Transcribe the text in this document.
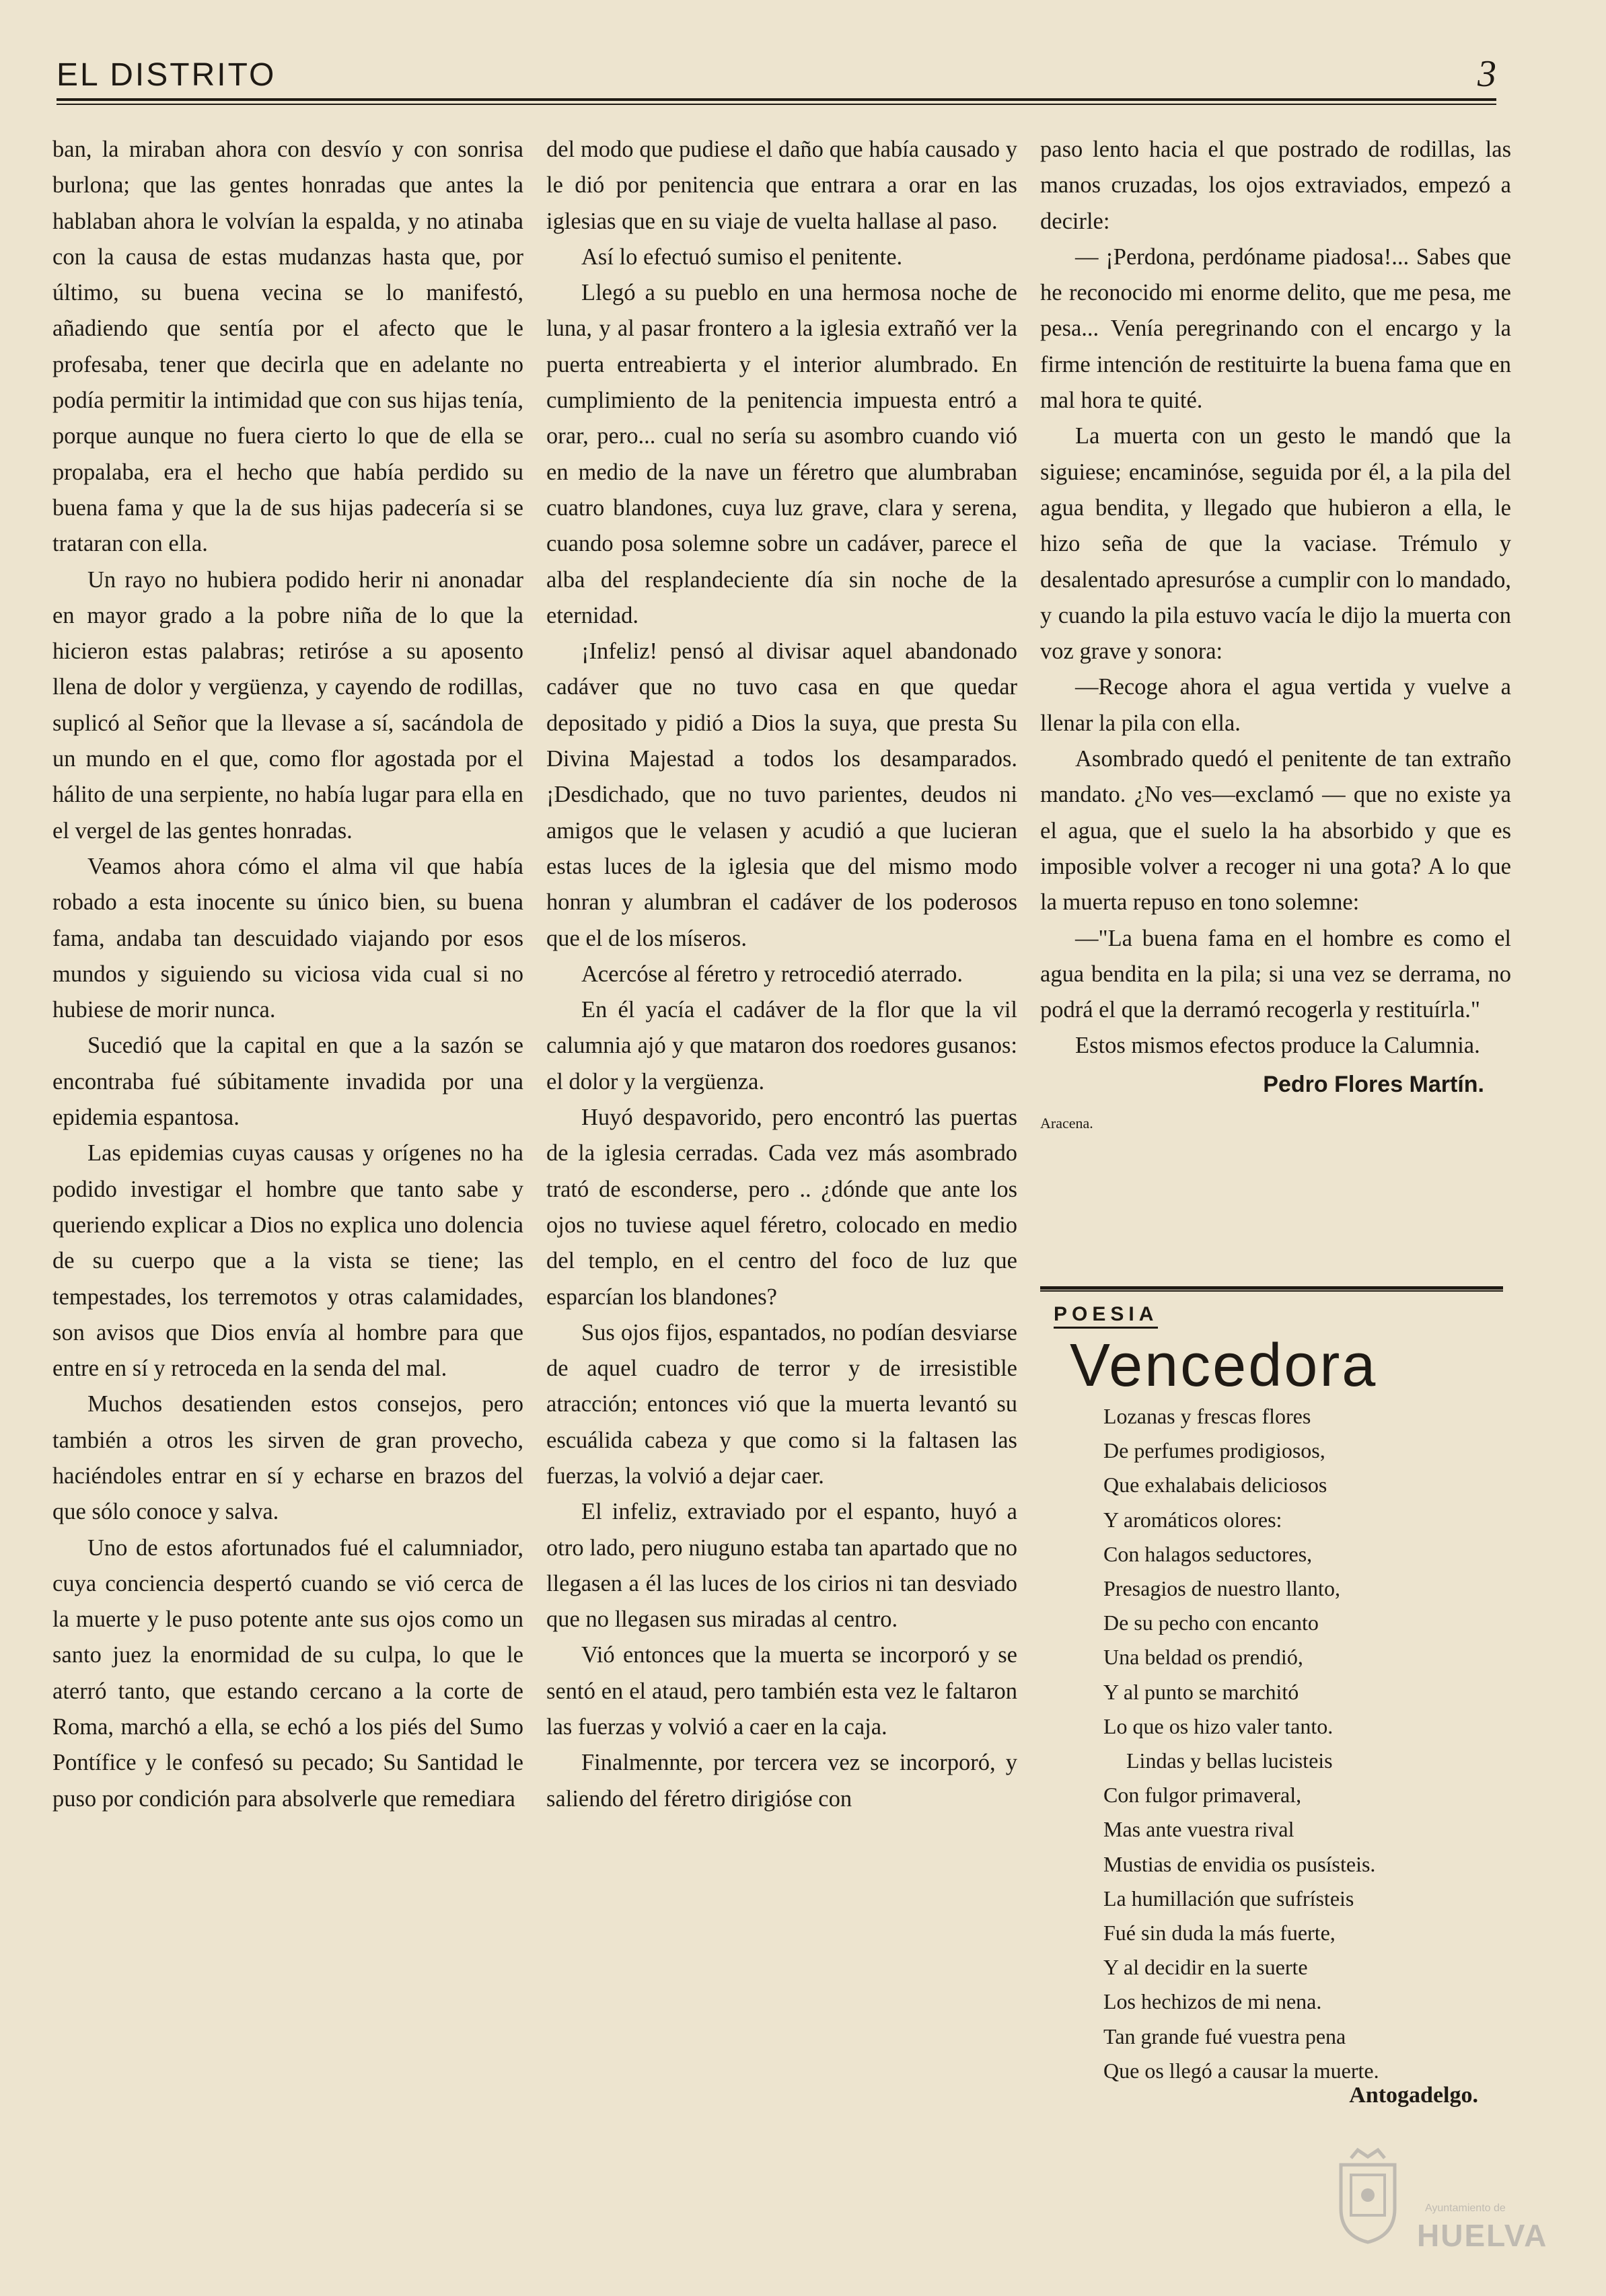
EL DISTRITO	3

ban, la miraban ahora con desvío y con sonrisa burlona; que las gentes honradas que antes la hablaban ahora le volvían la espalda, y no atinaba con la causa de estas mudanzas hasta que, por último, su buena vecina se lo manifestó, añadiendo que sentía por el afecto que le profesaba, tener que decirla que en adelante no podía permitir la intimidad que con sus hijas tenía, porque aunque no fuera cierto lo que de ella se propalaba, era el hecho que había perdido su buena fama y que la de sus hijas padecería si se trataran con ella.

Un rayo no hubiera podido herir ni anonadar en mayor grado a la pobre niña de lo que la hicieron estas palabras; retiróse a su aposento llena de dolor y vergüenza, y cayendo de rodillas, suplicó al Señor que la llevase a sí, sacándola de un mundo en el que, como flor agostada por el hálito de una serpiente, no había lugar para ella en el vergel de las gentes honradas.

Veamos ahora cómo el alma vil que había robado a esta inocente su único bien, su buena fama, andaba tan descuidado viajando por esos mundos y siguiendo su viciosa vida cual si no hubiese de morir nunca.

Sucedió que la capital en que a la sazón se encontraba fué súbitamente invadida por una epidemia espantosa.

Las epidemias cuyas causas y orígenes no ha podido investigar el hombre que tanto sabe y queriendo explicar a Dios no explica uno dolencia de su cuerpo que a la vista se tiene; las tempestades, los terremotos y otras calamidades, son avisos que Dios envía al hombre para que entre en sí y retroceda en la senda del mal.

Muchos desatienden estos consejos, pero también a otros les sirven de gran provecho, haciéndoles entrar en sí y echarse en brazos del que sólo conoce y salva.

Uno de estos afortunados fué el calumniador, cuya conciencia despertó cuando se vió cerca de la muerte y le puso potente ante sus ojos como un santo juez la enormidad de su culpa, lo que le aterró tanto, que estando cercano a la corte de Roma, marchó a ella, se echó a los piés del Sumo Pontífice y le confesó su pecado; Su Santidad le puso por condición para absolverle que remediara

del modo que pudiese el daño que había causado y le dió por penitencia que entrara a orar en las iglesias que en su viaje de vuelta hallase al paso.

Así lo efectuó sumiso el penitente.

Llegó a su pueblo en una hermosa noche de luna, y al pasar frontero a la iglesia extrañó ver la puerta entreabierta y el interior alumbrado. En cumplimiento de la penitencia impuesta entró a orar, pero... cual no sería su asombro cuando vió en medio de la nave un féretro que alumbraban cuatro blandones, cuya luz grave, clara y serena, cuando posa solemne sobre un cadáver, parece el alba del resplandeciente día sin noche de la eternidad.

¡Infeliz! pensó al divisar aquel abandonado cadáver que no tuvo casa en que quedar depositado y pidió a Dios la suya, que presta Su Divina Majestad a todos los desamparados. ¡Desdichado, que no tuvo parientes, deudos ni amigos que le velasen y acudió a que lucieran estas luces de la iglesia que del mismo modo honran y alumbran el cadáver de los poderosos que el de los míseros.

Acercóse al féretro y retrocedió aterrado.

En él yacía el cadáver de la flor que la vil calumnia ajó y que mataron dos roedores gusanos: el dolor y la vergüenza.

Huyó despavorido, pero encontró las puertas de la iglesia cerradas. Cada vez más asombrado trató de esconderse, pero .. ¿dónde que ante los ojos no tuviese aquel féretro, colocado en medio del templo, en el centro del foco de luz que esparcían los blandones?

Sus ojos fijos, espantados, no podían desviarse de aquel cuadro de terror y de irresistible atracción; entonces vió que la muerta levantó su escuálida cabeza y que como si la faltasen las fuerzas, la volvió a dejar caer.

El infeliz, extraviado por el espanto, huyó a otro lado, pero niuguno estaba tan apartado que no llegasen a él las luces de los cirios ni tan desviado que no llegasen sus miradas al centro.

Vió entonces que la muerta se incorporó y se sentó en el ataud, pero también esta vez le faltaron las fuerzas y volvió a caer en la caja.

Finalmennte, por tercera vez se incorporó, y saliendo del féretro dirigióse con

paso lento hacia el que postrado de rodillas, las manos cruzadas, los ojos extraviados, empezó a decirle:

— ¡Perdona, perdóname piadosa!... Sabes que he reconocido mi enorme delito, que me pesa, me pesa... Venía peregrinando con el encargo y la firme intención de restituirte la buena fama que en mal hora te quité.

La muerta con un gesto le mandó que la siguiese; encaminóse, seguida por él, a la pila del agua bendita, y llegado que hubieron a ella, le hizo seña de que la vaciase. Trémulo y desalentado apresuróse a cumplir con lo mandado, y cuando la pila estuvo vacía le dijo la muerta con voz grave y sonora:

—Recoge ahora el agua vertida y vuelve a llenar la pila con ella.

Asombrado quedó el penitente de tan extraño mandato. ¿No ves—exclamó — que no existe ya el agua, que el suelo la ha absorbido y que es imposible volver a recoger ni una gota? A lo que la muerta repuso en tono solemne:

—"La buena fama en el hombre es como el agua bendita en la pila; si una vez se derrama, no podrá el que la derramó recogerla y restituírla."

Estos mismos efectos produce la Calumnia.

Pedro Flores Martín.
Aracena.
POESIA
Vencedora
Lozanas y frescas flores
De perfumes prodigiosos,
Que exhalabais deliciosos
Y aromáticos olores:
Con halagos seductores,
Presagios de nuestro llanto,
De su pecho con encanto
Una beldad os prendió,
Y al punto se marchitó
Lo que os hizo valer tanto.
Lindas y bellas lucisteis
Con fulgor primaveral,
Mas ante vuestra rival
Mustias de envidia os pusísteis.
La humillación que sufrísteis
Fué sin duda la más fuerte,
Y al decidir en la suerte
Los hechizos de mi nena.
Tan grande fué vuestra pena
Que os llegó a causar la muerte.
Antogadelgo.
Ayuntamiento de
HUELVA
